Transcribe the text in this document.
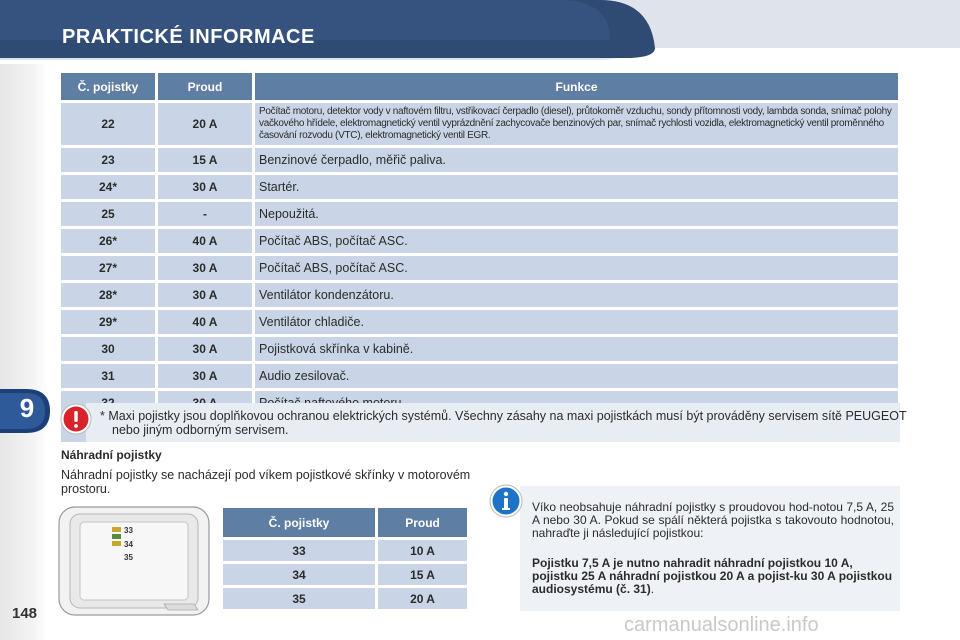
PRAKTICKÉ INFORMACE
9
Č. pojistky	Proud	Funkce
22	20 A	Počítač motoru, detektor vody v naftovém filtru, vstřikovací čerpadlo (diesel), průtokoměr vzduchu, sondy přítomnosti vody, lambda sonda, snímač polohy vačkového hřídele, elektromagnetický ventil vyprázdnění zachycovače benzinových par, snímač rychlosti vozidla, elektromagnetický ventil proměnného časování rozvodu (VTC), elektromagnetický ventil EGR.
23	15 A	Benzinové čerpadlo, měřič paliva.
24*	30 A	Startér.
25	-	Nepoužitá.
26*	40 A	Počítač ABS, počítač ASC.
27*	30 A	Počítač ABS, počítač ASC.
28*	30 A	Ventilátor kondenzátoru.
29*	40 A	Ventilátor chladiče.
30	30 A	Pojistková skřínka v kabině.
31	30 A	Audio zesilovač.

* Maxi pojistky jsou doplňkovou ochranou elektrických systémů. Všechny zásahy na maxi pojistkách musí být prováděny servisem sítě PEUGEOT nebo jiným odborným servisem.
Náhradní pojistky
Náhradní pojistky se nacházejí pod víkem pojistkové skřínky v motorovém prostoru.
33
34
35
Č. pojistky	Proud
33	10 A
34	15 A
35	20 A
Víko neobsahuje náhradní pojistky s proudovou hod-notou 7,5 A, 25 A nebo 30 A. Pokud se spálí některá pojistka s takovouto hodnotou, nahraďte ji následující pojistkou:
Pojistku 7,5 A je nutno nahradit náhradní pojistkou 10 A, pojistku 25 A náhradní pojistkou 20 A a pojist-ku 30 A pojistkou audiosystému (č. 31).
148
carmanualsonline.info
